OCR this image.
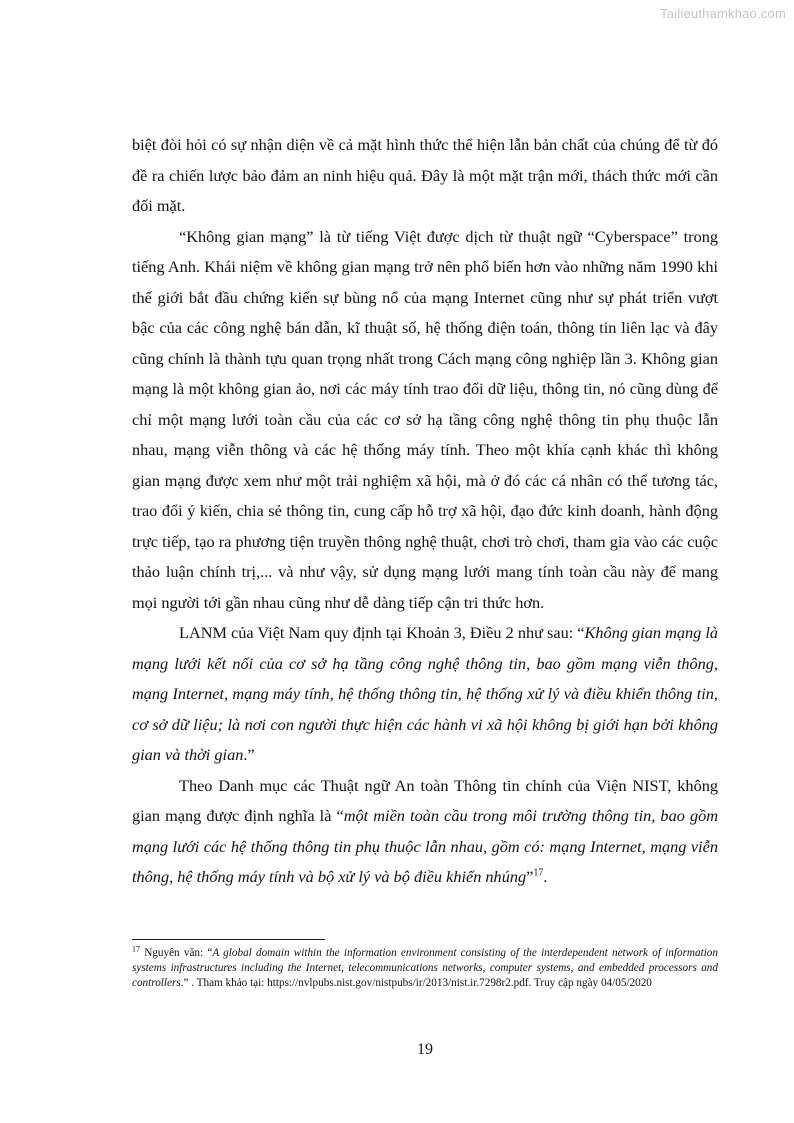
Tailieuthamkhao.com

biệt đòi hỏi có sự nhận diện về cả mặt hình thức thể hiện lẫn bản chất của chúng để từ đó đề ra chiến lược bảo đảm an ninh hiệu quả. Đây là một mặt trận mới, thách thức mới cần đối mặt.

“Không gian mạng” là từ tiếng Việt được dịch từ thuật ngữ “Cyberspace” trong tiếng Anh. Khái niệm về không gian mạng trở nên phổ biến hơn vào những năm 1990 khi thế giới bắt đầu chứng kiến sự bùng nổ của mạng Internet cũng như sự phát triển vượt bậc của các công nghệ bán dẫn, kĩ thuật số, hệ thống điện toán, thông tin liên lạc và đây cũng chính là thành tựu quan trọng nhất trong Cách mạng công nghiệp lần 3. Không gian mạng là một không gian ảo, nơi các máy tính trao đổi dữ liệu, thông tin, nó cũng dùng để chỉ một mạng lưới toàn cầu của các cơ sở hạ tầng công nghệ thông tin phụ thuộc lẫn nhau, mạng viễn thông và các hệ thống máy tính. Theo một khía cạnh khác thì không gian mạng được xem như một trải nghiệm xã hội, mà ở đó các cá nhân có thể tương tác, trao đổi ý kiến, chia sẻ thông tin, cung cấp hỗ trợ xã hội, đạo đức kinh doanh, hành động trực tiếp, tạo ra phương tiện truyền thông nghệ thuật, chơi trò chơi, tham gia vào các cuộc thảo luận chính trị,... và như vậy, sử dụng mạng lưới mang tính toàn cầu này để mang mọi người tới gần nhau cũng như dễ dàng tiếp cận tri thức hơn.

LANM của Việt Nam quy định tại Khoản 3, Điều 2 như sau: “Không gian mạng là mạng lưới kết nối của cơ sở hạ tầng công nghệ thông tin, bao gồm mạng viễn thông, mạng Internet, mạng máy tính, hệ thống thông tin, hệ thống xử lý và điều khiển thông tin, cơ sở dữ liệu; là nơi con người thực hiện các hành vi xã hội không bị giới hạn bởi không gian và thời gian.”

Theo Danh mục các Thuật ngữ An toàn Thông tin chính của Viện NIST, không gian mạng được định nghĩa là “một miền toàn cầu trong môi trường thông tin, bao gồm mạng lưới các hệ thống thông tin phụ thuộc lẫn nhau, gồm có: mạng Internet, mạng viễn thông, hệ thống máy tính và bộ xử lý và bộ điều khiển nhúng”$^{17}$.

$^{17}$ Nguyên văn: “A global domain within the information environment consisting of the interdependent network of information systems infrastructures including the Internet, telecommunications networks, computer systems, and embedded processors and controllers.” . Tham khảo tại: https://nvlpubs.nist.gov/nistpubs/ir/2013/nist.ir.7298r2.pdf. Truy cập ngày 04/05/2020

19
